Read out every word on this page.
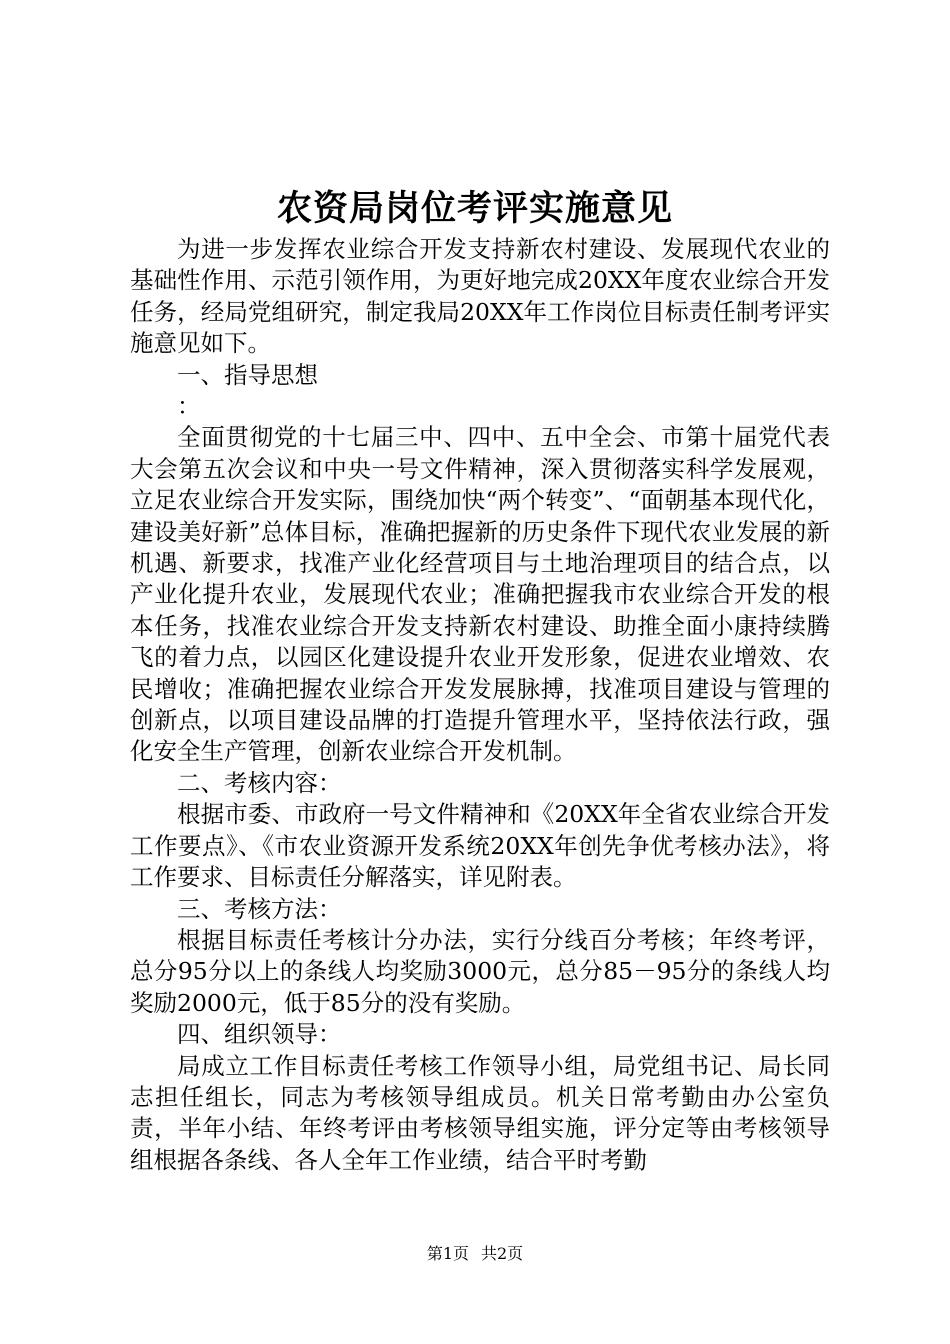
农资局岗位考评实施意见

为进一步发挥农业综合开发支持新农村建设、发展现代农业的基础性作用、示范引领作用，为更好地完成20XX年度农业综合开发任务，经局党组研究，制定我局20XX年工作岗位目标责任制考评实施意见如下。

一、指导思想

：

全面贯彻党的十七届三中、四中、五中全会、市第十届党代表大会第五次会议和中央一号文件精神，深入贯彻落实科学发展观，立足农业综合开发实际，围绕加快“两个转变”、“面朝基本现代化，建设美好新”总体目标，准确把握新的历史条件下现代农业发展的新机遇、新要求，找准产业化经营项目与土地治理项目的结合点，以产业化提升农业，发展现代农业；准确把握我市农业综合开发的根本任务，找准农业综合开发支持新农村建设、助推全面小康持续腾飞的着力点，以园区化建设提升农业开发形象，促进农业增效、农民增收；准确把握农业综合开发发展脉搏，找准项目建设与管理的创新点，以项目建设品牌的打造提升管理水平，坚持依法行政，强化安全生产管理，创新农业综合开发机制。

二、考核内容：

根据市委、市政府一号文件精神和《20XX年全省农业综合开发工作要点》、《市农业资源开发系统20XX年创先争优考核办法》，将工作要求、目标责任分解落实，详见附表。

三、考核方法：

根据目标责任考核计分办法，实行分线百分考核；年终考评，总分95分以上的条线人均奖励3000元，总分85－95分的条线人均奖励2000元，低于85分的没有奖励。

四、组织领导：

局成立工作目标责任考核工作领导小组，局党组书记、局长同志担任组长，同志为考核领导组成员。机关日常考勤由办公室负责，半年小结、年终考评由考核领导组实施，评分定等由考核领导组根据各条线、各人全年工作业绩，结合平时考勤

第1页 共2页
